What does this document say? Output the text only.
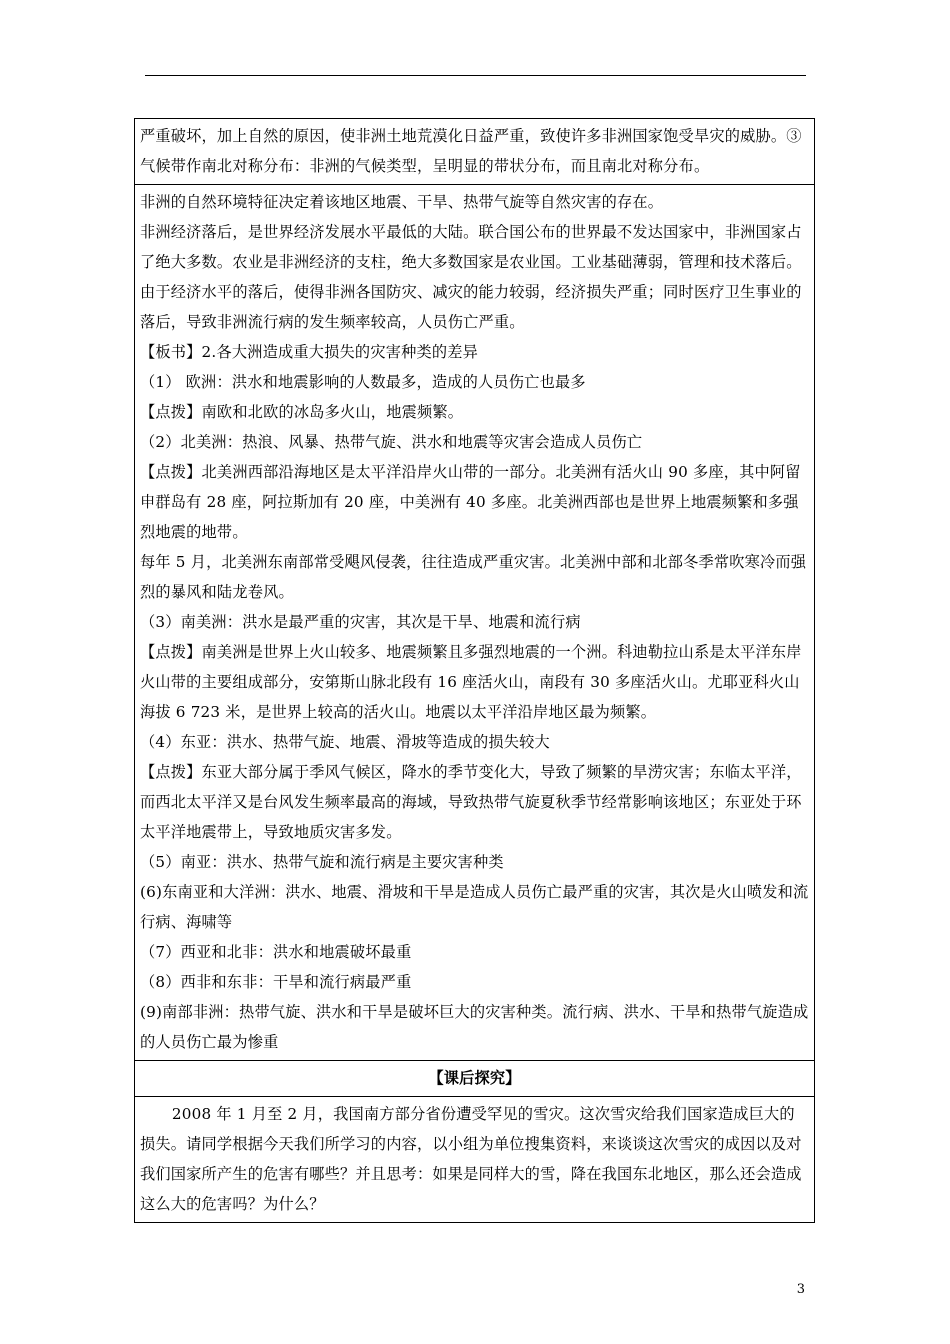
严重破坏，加上自然的原因，使非洲土地荒漠化日益严重，致使许多非洲国家饱受旱灾的威胁。③气候带作南北对称分布：非洲的气候类型，呈明显的带状分布，而且南北对称分布。

非洲的自然环境特征决定着该地区地震、干旱、热带气旋等自然灾害的存在。

非洲经济落后，是世界经济发展水平最低的大陆。联合国公布的世界最不发达国家中，非洲国家占了绝大多数。农业是非洲经济的支柱，绝大多数国家是农业国。工业基础薄弱，管理和技术落后。由于经济水平的落后，使得非洲各国防灾、减灾的能力较弱，经济损失严重；同时医疗卫生事业的落后，导致非洲流行病的发生频率较高，人员伤亡严重。

【板书】2.各大洲造成重大损失的灾害种类的差异

（1） 欧洲：洪水和地震影响的人数最多，造成的人员伤亡也最多

【点拨】南欧和北欧的冰岛多火山，地震频繁。

（2）北美洲：热浪、风暴、热带气旋、洪水和地震等灾害会造成人员伤亡

【点拨】北美洲西部沿海地区是太平洋沿岸火山带的一部分。北美洲有活火山 90 多座，其中阿留申群岛有 28 座，阿拉斯加有 20 座，中美洲有 40 多座。北美洲西部也是世界上地震频繁和多强烈地震的地带。

每年 5 月，北美洲东南部常受飓风侵袭，往往造成严重灾害。北美洲中部和北部冬季常吹寒冷而强烈的暴风和陆龙卷风。

（3）南美洲：洪水是最严重的灾害，其次是干旱、地震和流行病

【点拨】南美洲是世界上火山较多、地震频繁且多强烈地震的一个洲。科迪勒拉山系是太平洋东岸火山带的主要组成部分，安第斯山脉北段有 16 座活火山，南段有 30 多座活火山。尤耶亚科火山海拔 6 723 米，是世界上较高的活火山。地震以太平洋沿岸地区最为频繁。

（4）东亚：洪水、热带气旋、地震、滑坡等造成的损失较大

【点拨】东亚大部分属于季风气候区，降水的季节变化大，导致了频繁的旱涝灾害；东临太平洋，而西北太平洋又是台风发生频率最高的海域，导致热带气旋夏秋季节经常影响该地区；东亚处于环太平洋地震带上，导致地质灾害多发。

（5）南亚：洪水、热带气旋和流行病是主要灾害种类

(6)东南亚和大洋洲：洪水、地震、滑坡和干旱是造成人员伤亡最严重的灾害，其次是火山喷发和流行病、海啸等

（7）西亚和北非：洪水和地震破坏最重

（8）西非和东非：干旱和流行病最严重

(9)南部非洲：热带气旋、洪水和干旱是破坏巨大的灾害种类。流行病、洪水、干旱和热带气旋造成的人员伤亡最为惨重

【课后探究】

2008 年 1 月至 2 月，我国南方部分省份遭受罕见的雪灾。这次雪灾给我们国家造成巨大的损失。请同学根据今天我们所学习的内容，以小组为单位搜集资料，来谈谈这次雪灾的成因以及对我们国家所产生的危害有哪些？并且思考：如果是同样大的雪，降在我国东北地区，那么还会造成这么大的危害吗？为什么？

3
